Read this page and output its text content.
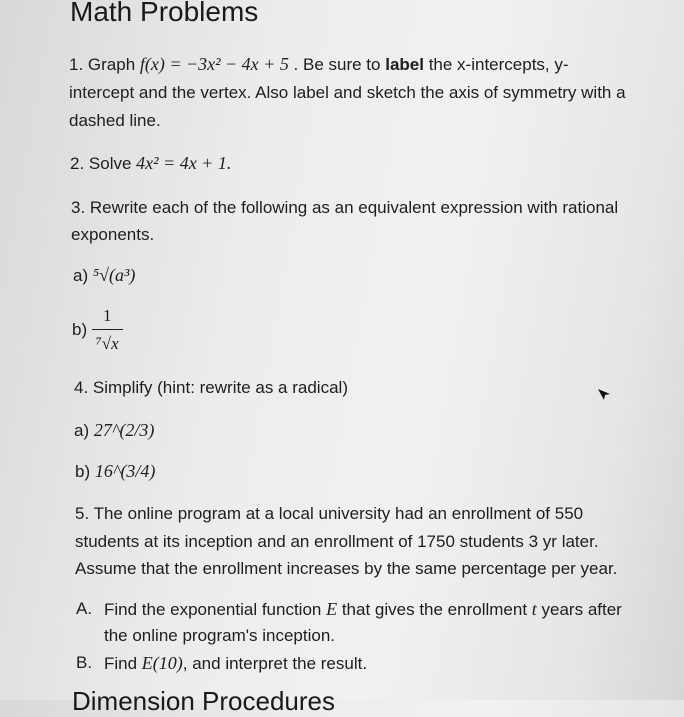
Math Problems
1. Graph f(x) = −3x² − 4x + 5 . Be sure to label the x-intercepts, y-
intercept and the vertex. Also label and sketch the axis of symmetry with a
dashed line.
2. Solve 4x² = 4x + 1.
3. Rewrite each of the following as an equivalent expression with rational
exponents.
a) ⁵√(a³)
$b) \frac{1}{\text{⁷√x}}$
4. Simplify (hint: rewrite as a radical)
a) 27^(2/3)
b) 16^(3/4)
5. The online program at a local university had an enrollment of 550
students at its inception and an enrollment of 1750 students 3 yr later.
Assume that the enrollment increases by the same percentage per year.
A. Find the exponential function E that gives the enrollment t years after
the online program's inception.
B. Find E(10), and interpret the result.
Dimension Procedures
